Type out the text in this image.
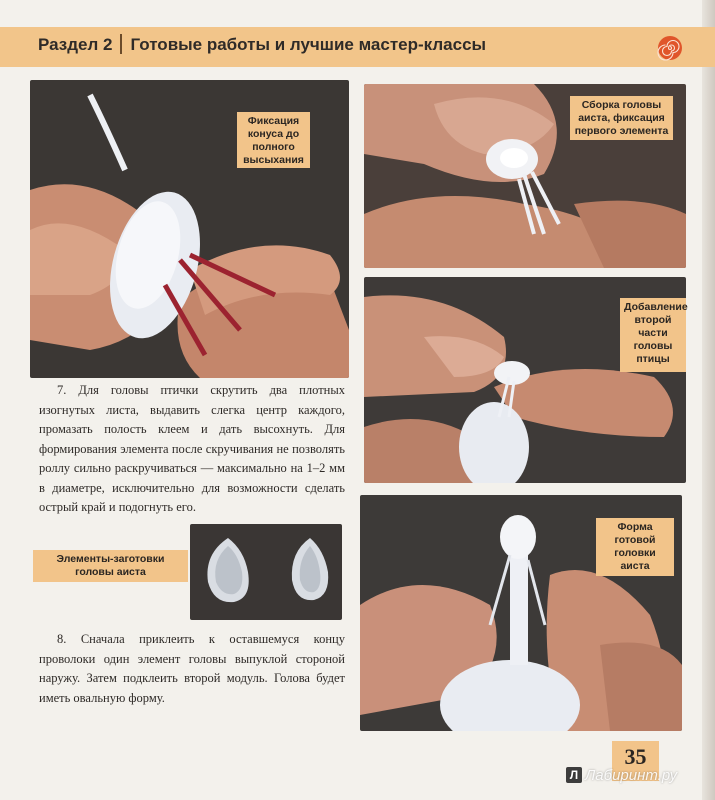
Раздел 2 Готовые работы и лучшие мастер-классы
Фиксация конуса до полного высыхания
Сборка головы аиста, фиксация первого элемента
Добавление второй части головы птицы
Форма готовой головки аиста
Элементы-заготовки головы аиста

7. Для головы птички скрутить два плотных изогнутых листа, выдавить слегка центр каждого, промазать полость клеем и дать высохнуть. Для формирования элемента после скручивания не позволять роллу сильно раскручиваться — максимально на 1–2 мм в диаметре, исключительно для возможности сделать острый край и подогнуть его.

8. Сначала приклеить к оставшемуся концу проволоки один элемент головы выпуклой стороной наружу. Затем подклеить второй модуль. Голова будет иметь овальную форму.

35
Л Лабиринт.ру
